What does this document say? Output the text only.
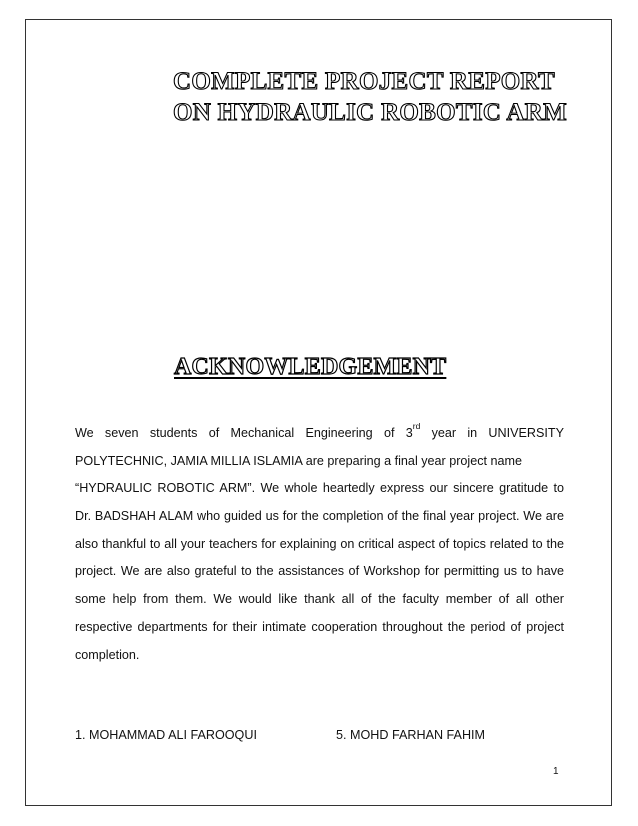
COMPLETE PROJECT REPORT
ON HYDRAULIC ROBOTIC ARM
ACKNOWLEDGEMENT
We seven students of Mechanical Engineering of 3rd year in UNIVERSITY
POLYTECHNIC, JAMIA MILLIA ISLAMIA are preparing a final year project name
“HYDRAULIC ROBOTIC ARM”. We whole heartedly express our sincere gratitude to
Dr. BADSHAH ALAM who guided us for the completion of the final year project. We are
also thankful to all your teachers for explaining on critical aspect of topics related to the
project. We are also grateful to the assistances of Workshop for permitting us to have
some help from them. We would like thank all of the faculty member of all other
respective departments for their intimate cooperation throughout the period of project
completion.
1. MOHAMMAD ALI FAROOQUI	5. MOHD FARHAN FAHIM
1
